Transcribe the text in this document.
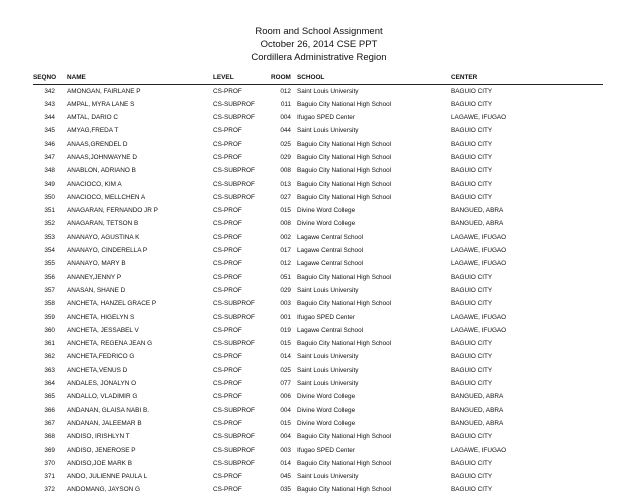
Room and School Assignment
October 26, 2014 CSE PPT
Cordillera Administrative Region
SEQNO NAME	LEVEL	ROOM SCHOOL	CENTER
342 AMONGAN, FAIRLANE P	CS-PROF	012 Saint Louis University	BAGUIO CITY
343 AMPAL, MYRA LANE S	CS-SUBPROF	011 Baguio City National High School	BAGUIO CITY
344 AMTAL, DARIO C	CS-SUBPROF	004 Ifugao SPED Center	LAGAWE, IFUGAO
345 AMYAG,FREDA T	CS-PROF	044 Saint Louis University	BAGUIO CITY
346 ANAAS,GRENDEL D	CS-PROF	025 Baguio City National High School	BAGUIO CITY
347 ANAAS,JOHNWAYNE D	CS-PROF	029 Baguio City National High School	BAGUIO CITY
348 ANABLON, ADRIANO B	CS-SUBPROF	008 Baguio City National High School	BAGUIO CITY
349 ANACIOCO, KIM A	CS-SUBPROF	013 Baguio City National High School	BAGUIO CITY
350 ANACIOCO, MELLCHEN A	CS-SUBPROF	027 Baguio City National High School	BAGUIO CITY
351 ANAGARAN, FERNANDO JR P	CS-PROF	015 Divine Word College	BANGUED, ABRA
352 ANAGARAN, TETSON B	CS-PROF	008 Divine Word College	BANGUED, ABRA
353 ANANAYO, AGUSTINA K	CS-PROF	002 Lagawe Central School	LAGAWE, IFUGAO
354 ANANAYO, CINDERELLA P	CS-PROF	017 Lagawe Central School	LAGAWE, IFUGAO
355 ANANAYO, MARY B	CS-PROF	012 Lagawe Central School	LAGAWE, IFUGAO
356 ANANEY,JENNY P	CS-PROF	051 Baguio City National High School	BAGUIO CITY
357 ANASAN, SHANE D	CS-PROF	029 Saint Louis University	BAGUIO CITY
358 ANCHETA, HANZEL GRACE P	CS-SUBPROF	003 Baguio City National High School	BAGUIO CITY
359 ANCHETA, HIGELYN S	CS-SUBPROF	001 Ifugao SPED Center	LAGAWE, IFUGAO
360 ANCHETA, JESSABEL V	CS-PROF	019 Lagawe Central School	LAGAWE, IFUGAO
361 ANCHETA, REGENA JEAN G	CS-SUBPROF	015 Baguio City National High School	BAGUIO CITY
362 ANCHETA,FEDRICO G	CS-PROF	014 Saint Louis University	BAGUIO CITY
363 ANCHETA,VENUS D	CS-PROF	025 Saint Louis University	BAGUIO CITY
364 ANDALES, JONALYN O	CS-PROF	077 Saint Louis University	BAGUIO CITY
365 ANDALLO, VLADIMIR G	CS-PROF	006 Divine Word College	BANGUED, ABRA
366 ANDANAN, GLAISA NABI B.	CS-SUBPROF	004 Divine Word College	BANGUED, ABRA
367 ANDANAN, JALEEMAR B	CS-PROF	015 Divine Word College	BANGUED, ABRA
368 ANDISO, IRISHLYN T	CS-SUBPROF	004 Baguio City National High School	BAGUIO CITY
369 ANDISO, JENEROSE P	CS-SUBPROF	003 Ifugao SPED Center	LAGAWE, IFUGAO
370 ANDISO,JOE MARK B	CS-SUBPROF	014 Baguio City National High School	BAGUIO CITY
371 ANDO, JULIENNE PAULA L	CS-PROF	045 Saint Louis University	BAGUIO CITY
372 ANDOMANG, JAYSON G	CS-PROF	035 Baguio City National High School	BAGUIO CITY
